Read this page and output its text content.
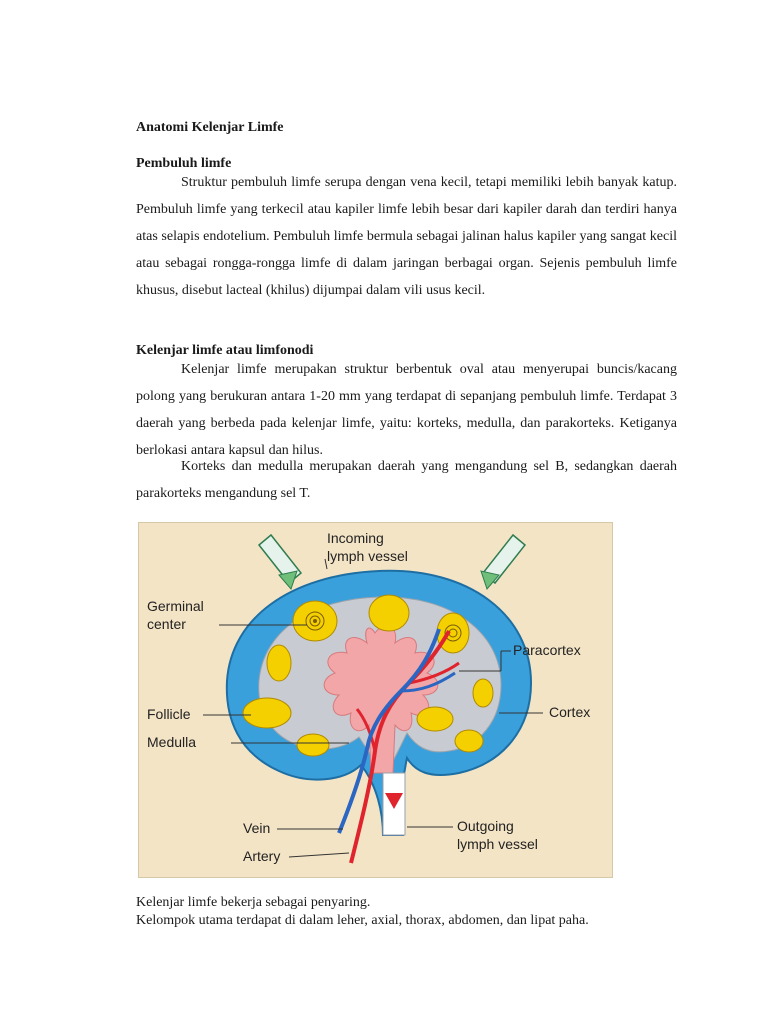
Anatomi Kelenjar Limfe
Pembuluh limfe

Struktur pembuluh limfe serupa dengan vena kecil, tetapi memiliki lebih banyak katup. Pembuluh limfe yang terkecil atau kapiler limfe lebih besar dari kapiler darah dan terdiri hanya atas selapis endotelium. Pembuluh limfe bermula sebagai jalinan halus kapiler yang sangat kecil atau sebagai rongga-rongga limfe di dalam jaringan berbagai organ. Sejenis pembuluh limfe khusus, disebut lacteal (khilus) dijumpai dalam vili usus kecil.

Kelenjar limfe atau limfonodi

Kelenjar limfe merupakan struktur berbentuk oval atau menyerupai buncis/kacang polong yang berukuran antara 1-20 mm yang terdapat di sepanjang pembuluh limfe. Terdapat 3 daerah yang berbeda pada kelenjar limfe, yaitu: korteks, medulla, dan parakorteks. Ketiganya berlokasi antara kapsul dan hilus.

Korteks dan medulla merupakan daerah yang mengandung sel B, sedangkan daerah parakorteks mengandung sel T.

Incoming
lymph vessel
Germinal
center
Paracortex
Follicle	Cortex
Medulla
Vein	Outgoing
lymph vessel
Artery
Kelenjar limfe bekerja sebagai penyaring.
Kelompok utama terdapat di dalam leher, axial, thorax, abdomen, dan lipat paha.
